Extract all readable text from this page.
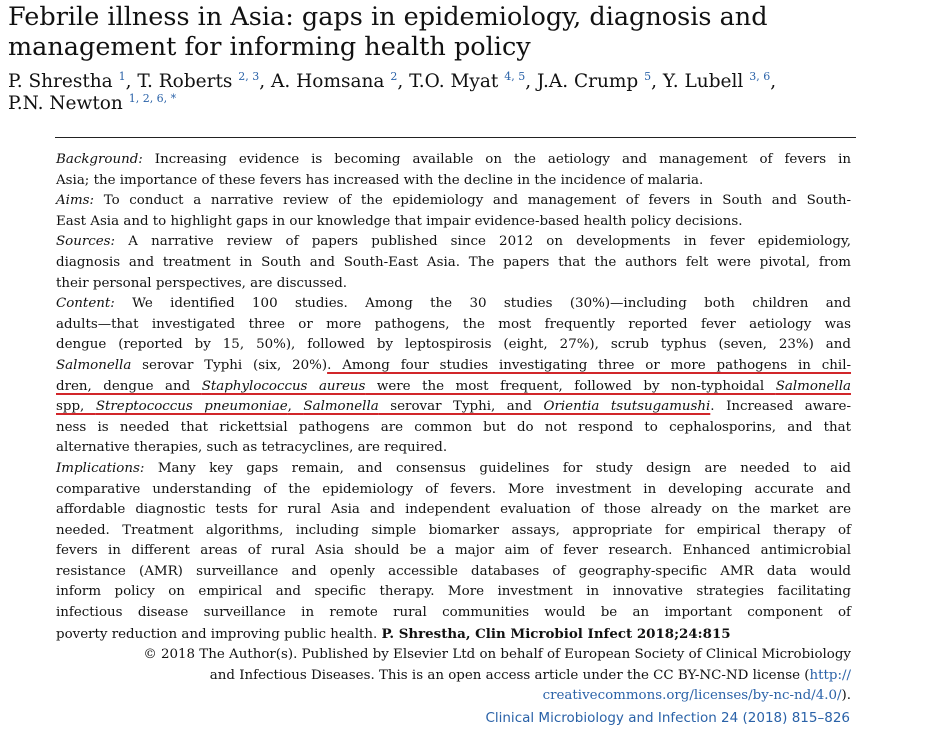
Febrile illness in Asia: gaps in epidemiology, diagnosis and
management for informing health policy
P. Shrestha $^1$, T. Roberts $^{2, 3}$, A. Homsana $^2$, T.O. Myat $^{4, 5}$, J.A. Crump $^5$, Y. Lubell $^{3, 6}$,
P.N. Newton $^{1, 2, 6, *}$
Background: Increasing evidence is becoming available on the aetiology and management of fevers in
Asia; the importance of these fevers has increased with the decline in the incidence of malaria.
Aims: To conduct a narrative review of the epidemiology and management of fevers in South and South-
East Asia and to highlight gaps in our knowledge that impair evidence-based health policy decisions.
Sources: A narrative review of papers published since 2012 on developments in fever epidemiology,
diagnosis and treatment in South and South-East Asia. The papers that the authors felt were pivotal, from
their personal perspectives, are discussed.
Content: We identified 100 studies. Among the 30 studies (30%)—including both children and
adults—that investigated three or more pathogens, the most frequently reported fever aetiology was
dengue (reported by 15, 50%), followed by leptospirosis (eight, 27%), scrub typhus (seven, 23%) and
Salmonella serovar Typhi (six, 20%). Among four studies investigating three or more pathogens in chil-
dren, dengue and Staphylococcus aureus were the most frequent, followed by non-typhoidal Salmonella
spp, Streptococcus pneumoniae, Salmonella serovar Typhi, and Orientia tsutsugamushi. Increased aware-
ness is needed that rickettsial pathogens are common but do not respond to cephalosporins, and that
alternative therapies, such as tetracyclines, are required.
Implications: Many key gaps remain, and consensus guidelines for study design are needed to aid
comparative understanding of the epidemiology of fevers. More investment in developing accurate and
affordable diagnostic tests for rural Asia and independent evaluation of those already on the market are
needed. Treatment algorithms, including simple biomarker assays, appropriate for empirical therapy of
fevers in different areas of rural Asia should be a major aim of fever research. Enhanced antimicrobial
resistance (AMR) surveillance and openly accessible databases of geography-specific AMR data would
inform policy on empirical and specific therapy. More investment in innovative strategies facilitating
infectious disease surveillance in remote rural communities would be an important component of
poverty reduction and improving public health. P. Shrestha, Clin Microbiol Infect 2018;24:815
© 2018 The Author(s). Published by Elsevier Ltd on behalf of European Society of Clinical Microbiology
and Infectious Diseases. This is an open access article under the CC BY-NC-ND license (http://
creativecommons.org/licenses/by-nc-nd/4.0/).
Clinical Microbiology and Infection 24 (2018) 815–826
